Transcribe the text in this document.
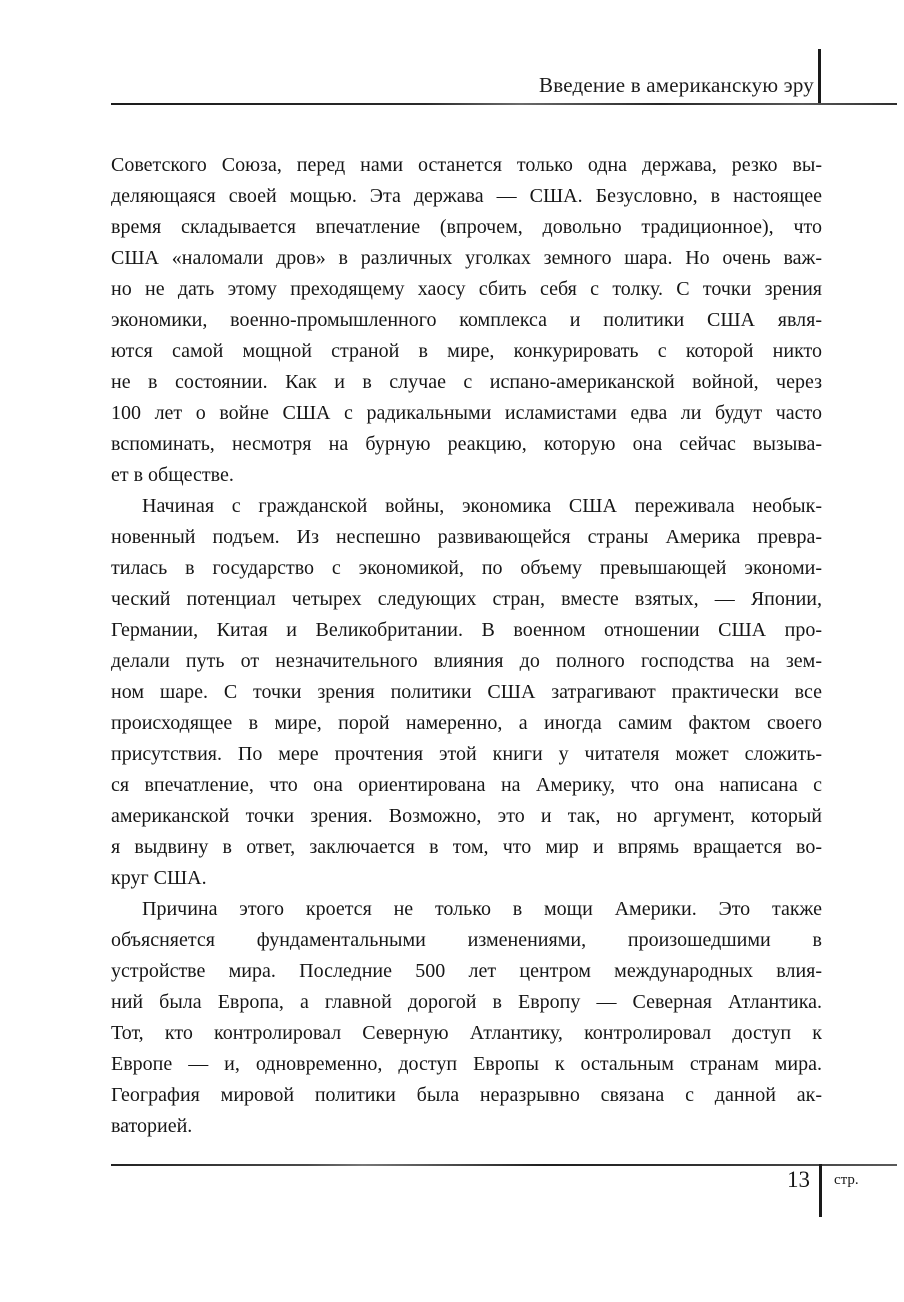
Введение в американскую эру
Советского Союза, перед нами останется только одна держава, резко вы-
деляющаяся своей мощью. Эта держава — США. Безусловно, в настоящее
время складывается впечатление (впрочем, довольно традиционное), что
США «наломали дров» в различных уголках земного шара. Но очень важ-
но не дать этому преходящему хаосу сбить себя с толку. С точки зрения
экономики, военно-промышленного комплекса и политики США явля-
ются самой мощной страной в мире, конкурировать с которой никто
не в состоянии. Как и в случае с испано-американской войной, через
100 лет о войне США с радикальными исламистами едва ли будут часто
вспоминать, несмотря на бурную реакцию, которую она сейчас вызыва-
ет в обществе.
Начиная с гражданской войны, экономика США переживала необык-
новенный подъем. Из неспешно развивающейся страны Америка превра-
тилась в государство с экономикой, по объему превышающей экономи-
ческий потенциал четырех следующих стран, вместе взятых, — Японии,
Германии, Китая и Великобритании. В военном отношении США про-
делали путь от незначительного влияния до полного господства на зем-
ном шаре. С точки зрения политики США затрагивают практически все
происходящее в мире, порой намеренно, а иногда самим фактом своего
присутствия. По мере прочтения этой книги у читателя может сложить-
ся впечатление, что она ориентирована на Америку, что она написана с
американской точки зрения. Возможно, это и так, но аргумент, который
я выдвину в ответ, заключается в том, что мир и впрямь вращается во-
круг США.
Причина этого кроется не только в мощи Америки. Это также
объясняется фундаментальными изменениями, произошедшими в
устройстве мира. Последние 500 лет центром международных влия-
ний была Европа, а главной дорогой в Европу — Северная Атлантика.
Тот, кто контролировал Северную Атлантику, контролировал доступ к
Европе — и, одновременно, доступ Европы к остальным странам мира.
География мировой политики была неразрывно связана с данной ак-
ваторией.
13 стр.
